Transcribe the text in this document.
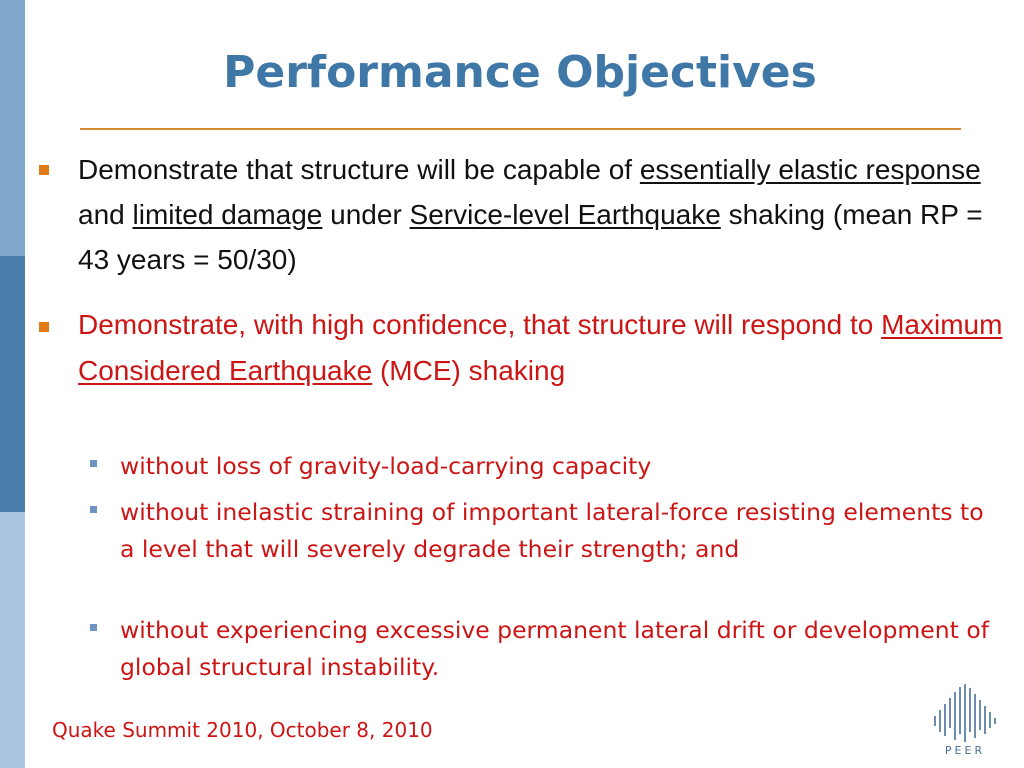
Performance Objectives
Demonstrate that structure will be capable of essentially elastic response and limited damage under Service-level Earthquake shaking (mean RP = 43 years = 50/30)
Demonstrate, with high confidence, that structure will respond to Maximum Considered Earthquake (MCE) shaking
without loss of gravity-load-carrying capacity
without inelastic straining of important lateral-force resisting elements to a level that will severely degrade their strength; and
without experiencing excessive permanent lateral drift or development of global structural instability.
Quake Summit 2010, October 8, 2010
PEER
